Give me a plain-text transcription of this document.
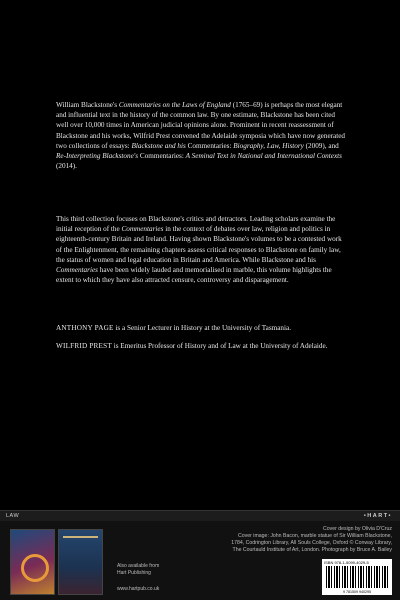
William Blackstone's Commentaries on the Laws of England (1765–69) is perhaps the most elegant and influential text in the history of the common law. By one estimate, Blackstone has been cited well over 10,000 times in American judicial opinions alone. Prominent in recent reassessment of Blackstone and his works, Wilfrid Prest convened the Adelaide symposia which have now generated two collections of essays: Blackstone and his Commentaries: Biography, Law, History (2009), and Re-Interpreting Blackstone's Commentaries: A Seminal Text in National and International Contexts (2014).

This third collection focuses on Blackstone's critics and detractors. Leading scholars examine the initial reception of the Commentaries in the context of debates over law, religion and politics in eighteenth-century Britain and Ireland. Having shown Blackstone's volumes to be a contested work of the Enlightenment, the remaining chapters assess critical responses to Blackstone on family law, the status of women and legal education in Britain and America. While Blackstone and his Commentaries have been widely lauded and memorialised in marble, this volume highlights the extent to which they have also attracted censure, controversy and disparagement.

ANTHONY PAGE is a Senior Lecturer in History at the University of Tasmania.

WILFRID PREST is Emeritus Professor of History and of Law at the University of Adelaide.

LAW	•HART•
Also available from
Hart Publishing
www.hartpub.co.uk
Cover design by Olivia D'Cruz
Cover image: John Bacon, marble statue of Sir William Blackstone,
1784, Codrington Library, All Souls College, Oxford © Conway Library,
The Courtauld Institute of Art, London. Photograph by Bruce A. Bailey
ISBN 978-1-5099-4029-5
9 781509 940295
